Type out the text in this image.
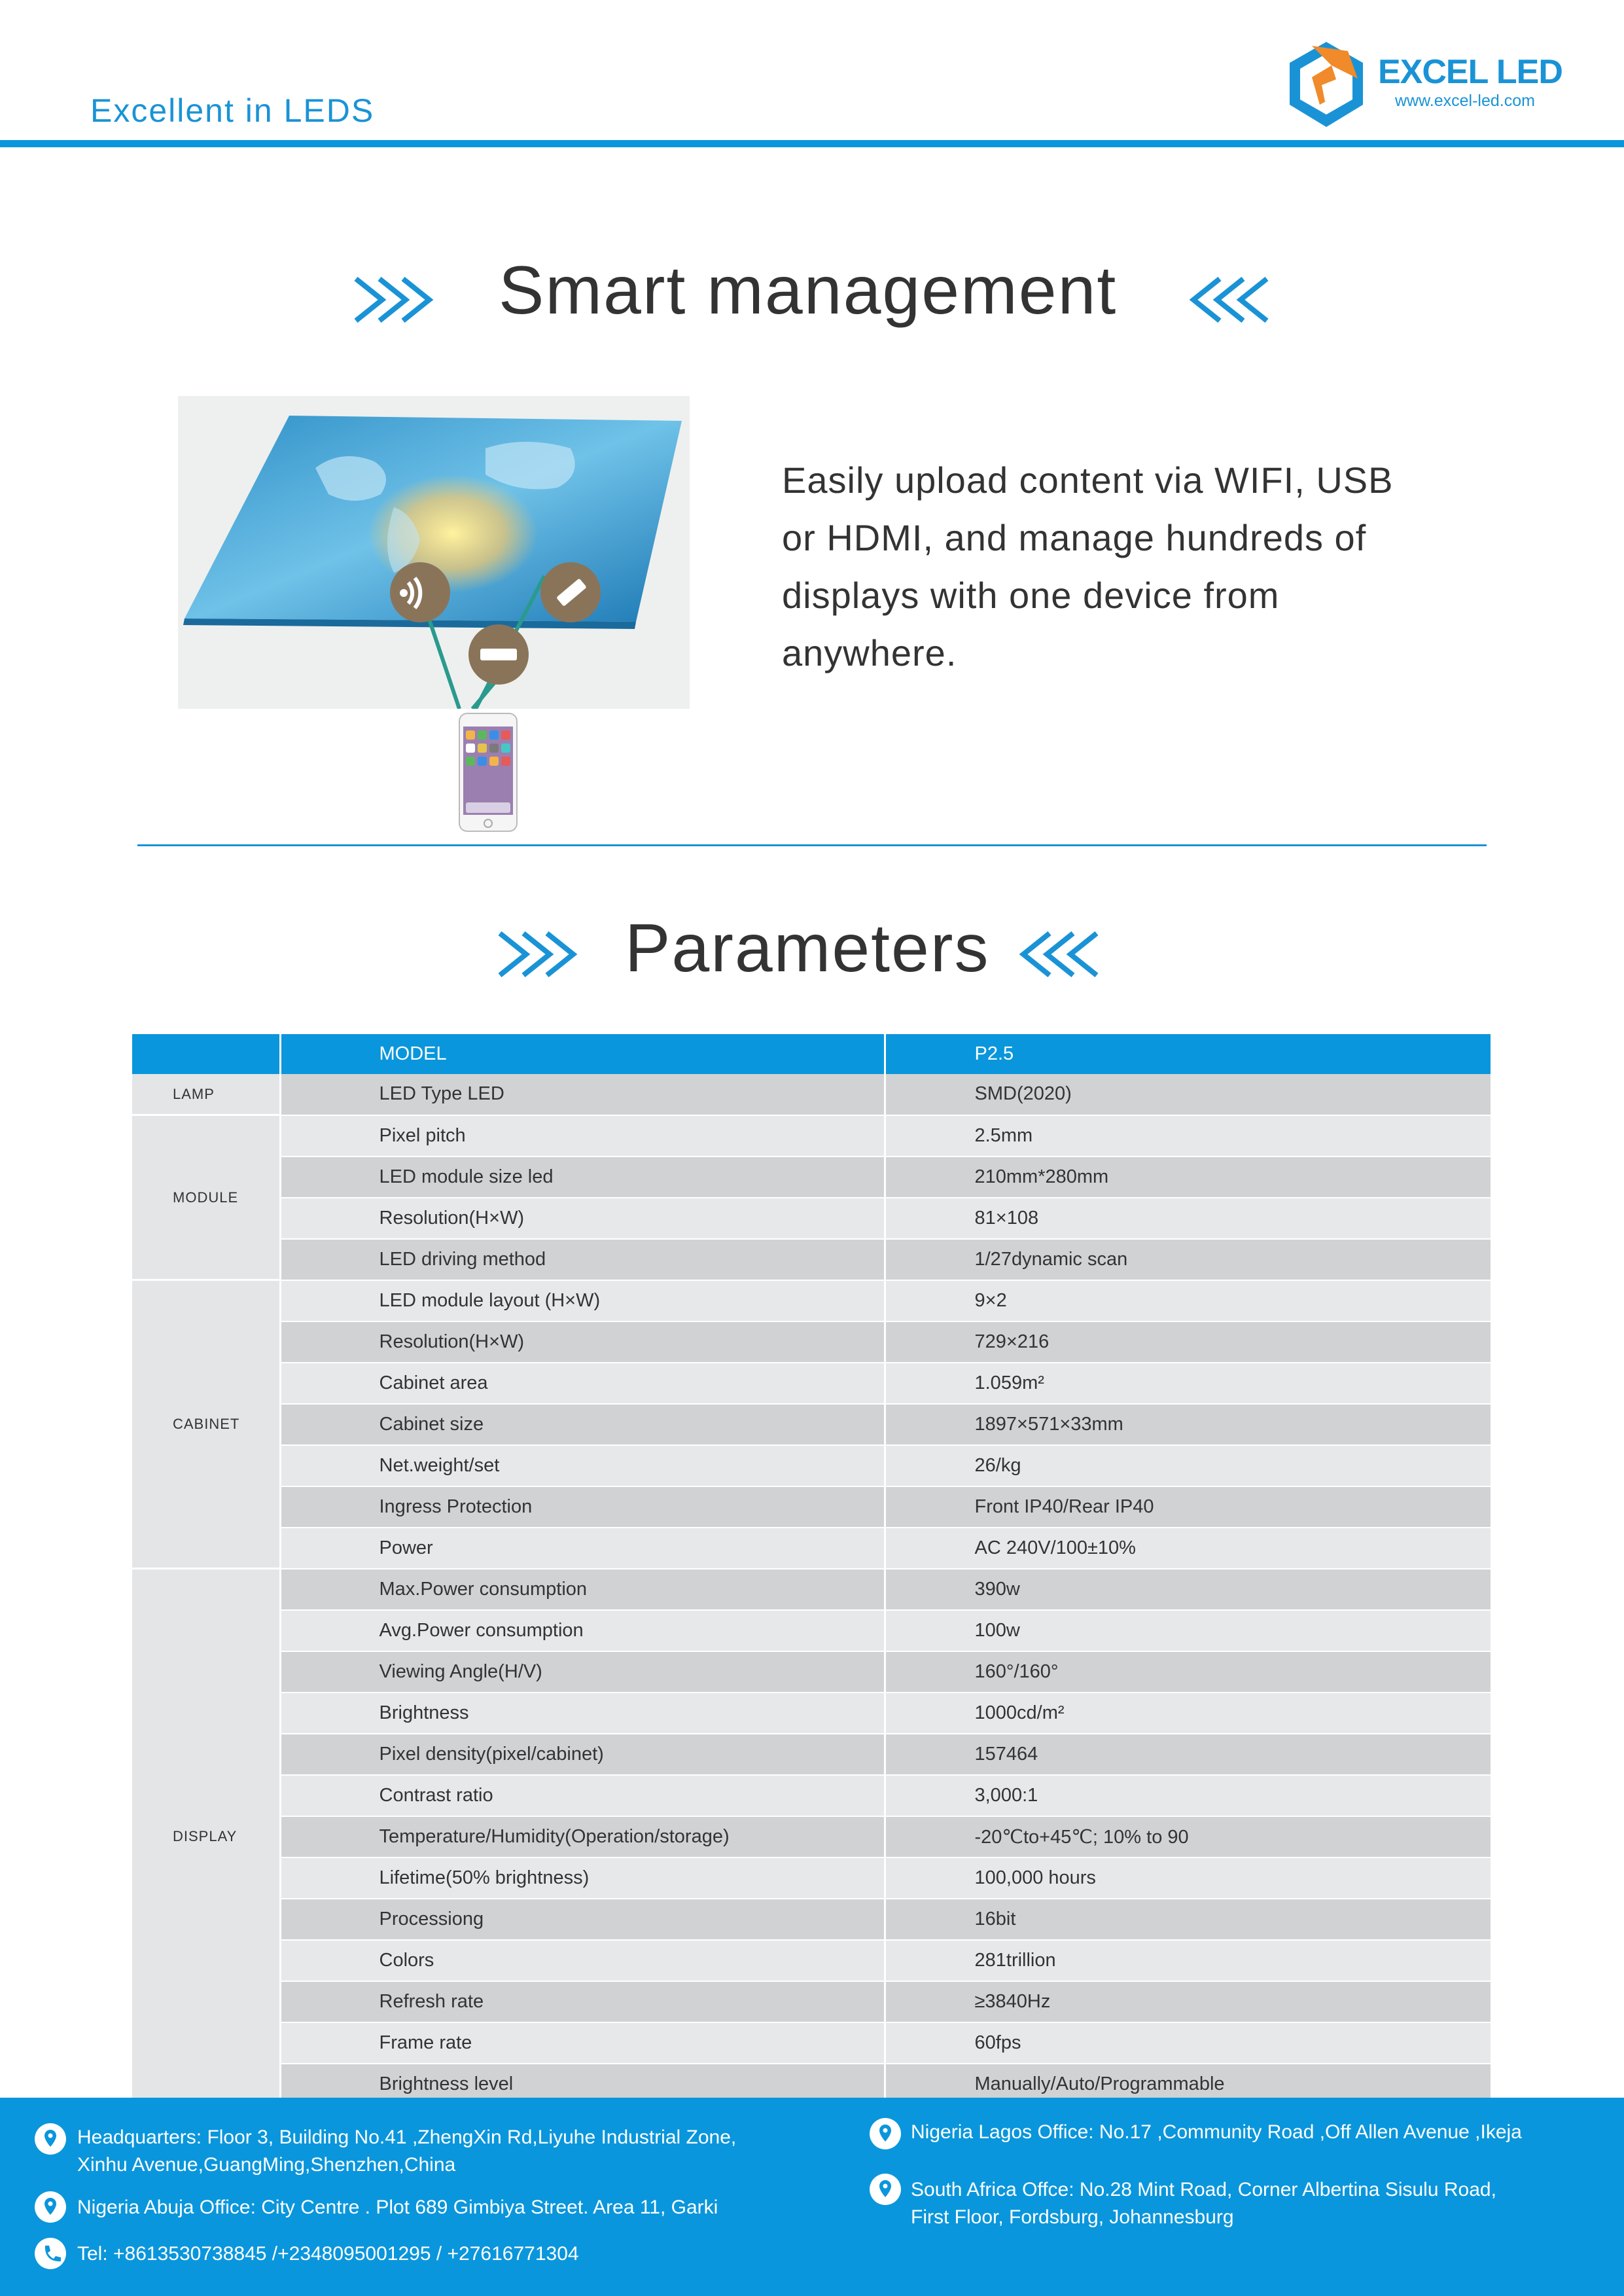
Excellent in LEDS
EXCEL LED
www.excel-led.com
Smart management
Easily upload content via WIFI, USB or HDMI, and manage hundreds of displays with one device from anywhere.
Parameters
	MODEL	P2.5
LAMP	LED Type LED	SMD(2020)
MODULE	Pixel pitch	2.5mm
	LED module size led	210mm*280mm
	Resolution(H×W)	81×108
	LED driving method	1/27dynamic scan
CABINET	LED module layout (H×W)	9×2
	Resolution(H×W)	729×216
	Cabinet area	1.059m²
	Cabinet size	1897×571×33mm
	Net.weight/set	26/kg
	Ingress Protection	Front IP40/Rear IP40
	Power	AC 240V/100±10%
DISPLAY	Max.Power consumption	390w
	Avg.Power consumption	100w
	Viewing Angle(H/V)	160°/160°
	Brightness	1000cd/m²
	Pixel density(pixel/cabinet)	157464
	Contrast ratio	3,000:1
	Temperature/Humidity(Operation/storage)	-20℃to+45℃; 10% to 90
	Lifetime(50% brightness)	100,000 hours
	Processiong	16bit
	Colors	281trillion
	Refresh rate	≥3840Hz
	Frame rate	60fps
	Brightness level	Manually/Auto/Programmable
Headquarters: Floor 3, Building No.41 ,ZhengXin Rd,Liyuhe Industrial Zone,
Xinhu Avenue,GuangMing,Shenzhen,China
Nigeria Abuja Office: City Centre . Plot 689 Gimbiya Street. Area 11, Garki
Tel: +8613530738845 /+2348095001295 / +27616771304
Nigeria Lagos Office: No.17 ,Community Road ,Off Allen Avenue ,Ikeja
South Africa Offce: No.28 Mint Road, Corner Albertina Sisulu Road,
First Floor, Fordsburg, Johannesburg
